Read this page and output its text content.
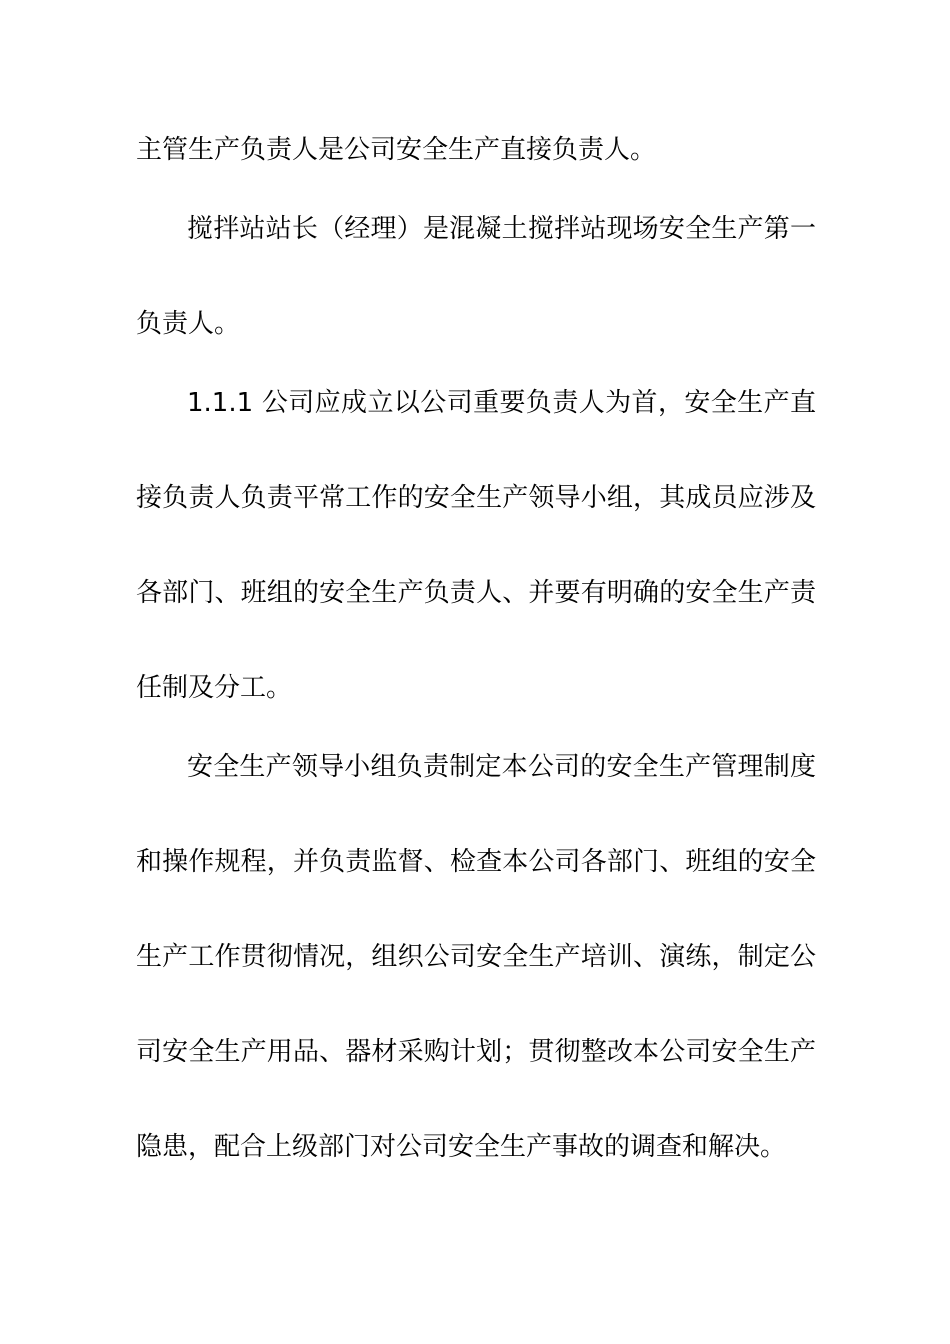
主管生产负责人是公司安全生产直接负责人。
搅拌站站长（经理）是混凝土搅拌站现场安全生产第一
负责人。
1.1.1 公司应成立以公司重要负责人为首，安全生产直
接负责人负责平常工作的安全生产领导小组，其成员应涉及
各部门、班组的安全生产负责人、并要有明确的安全生产责
任制及分工。
安全生产领导小组负责制定本公司的安全生产管理制度
和操作规程，并负责监督、检查本公司各部门、班组的安全
生产工作贯彻情况，组织公司安全生产培训、演练，制定公
司安全生产用品、器材采购计划；贯彻整改本公司安全生产
隐患，配合上级部门对公司安全生产事故的调查和解决。
